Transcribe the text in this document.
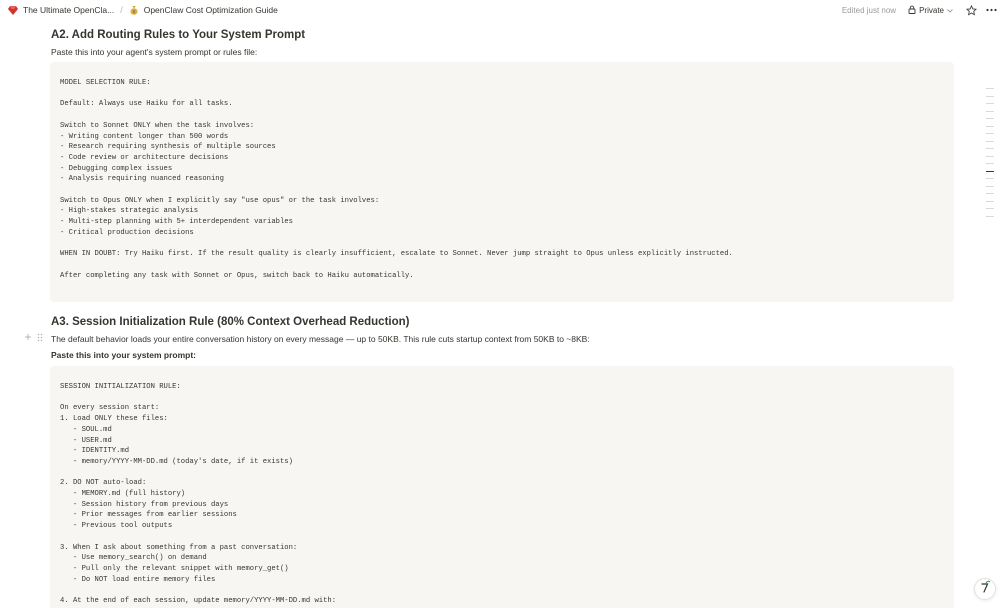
The Ultimate OpenCla... / $ OpenClaw Cost Optimization Guide	Edited just now	Private
A2. Add Routing Rules to Your System Prompt

Paste this into your agent's system prompt or rules file:

MODEL SELECTION RULE:

Default: Always use Haiku for all tasks.

Switch to Sonnet ONLY when the task involves:
- Writing content longer than 500 words
- Research requiring synthesis of multiple sources
- Code review or architecture decisions
- Debugging complex issues
- Analysis requiring nuanced reasoning

Switch to Opus ONLY when I explicitly say "use opus" or the task involves:
- High-stakes strategic analysis
- Multi-step planning with 5+ interdependent variables
- Critical production decisions

WHEN IN DOUBT: Try Haiku first. If the result quality is clearly insufficient, escalate to Sonnet. Never jump straight to Opus unless explicitly instructed.

After completing any task with Sonnet or Opus, switch back to Haiku automatically.
A3. Session Initialization Rule (80% Context Overhead Reduction)

The default behavior loads your entire conversation history on every message — up to 50KB. This rule cuts startup context from 50KB to ~8KB:

Paste this into your system prompt:

SESSION INITIALIZATION RULE:

On every session start:
1. Load ONLY these files:
- SOUL.md
- USER.md
- IDENTITY.md
- memory/YYYY-MM-DD.md (today's date, if it exists)

2. DO NOT auto-load:
- MEMORY.md (full history)
- Session history from previous days
- Prior messages from earlier sessions
- Previous tool outputs

3. When I ask about something from a past conversation:
- Use memory_search() on demand
- Pull only the relevant snippet with memory_get()
- Do NOT load entire memory files

4. At the end of each session, update memory/YYYY-MM-DD.md with:
